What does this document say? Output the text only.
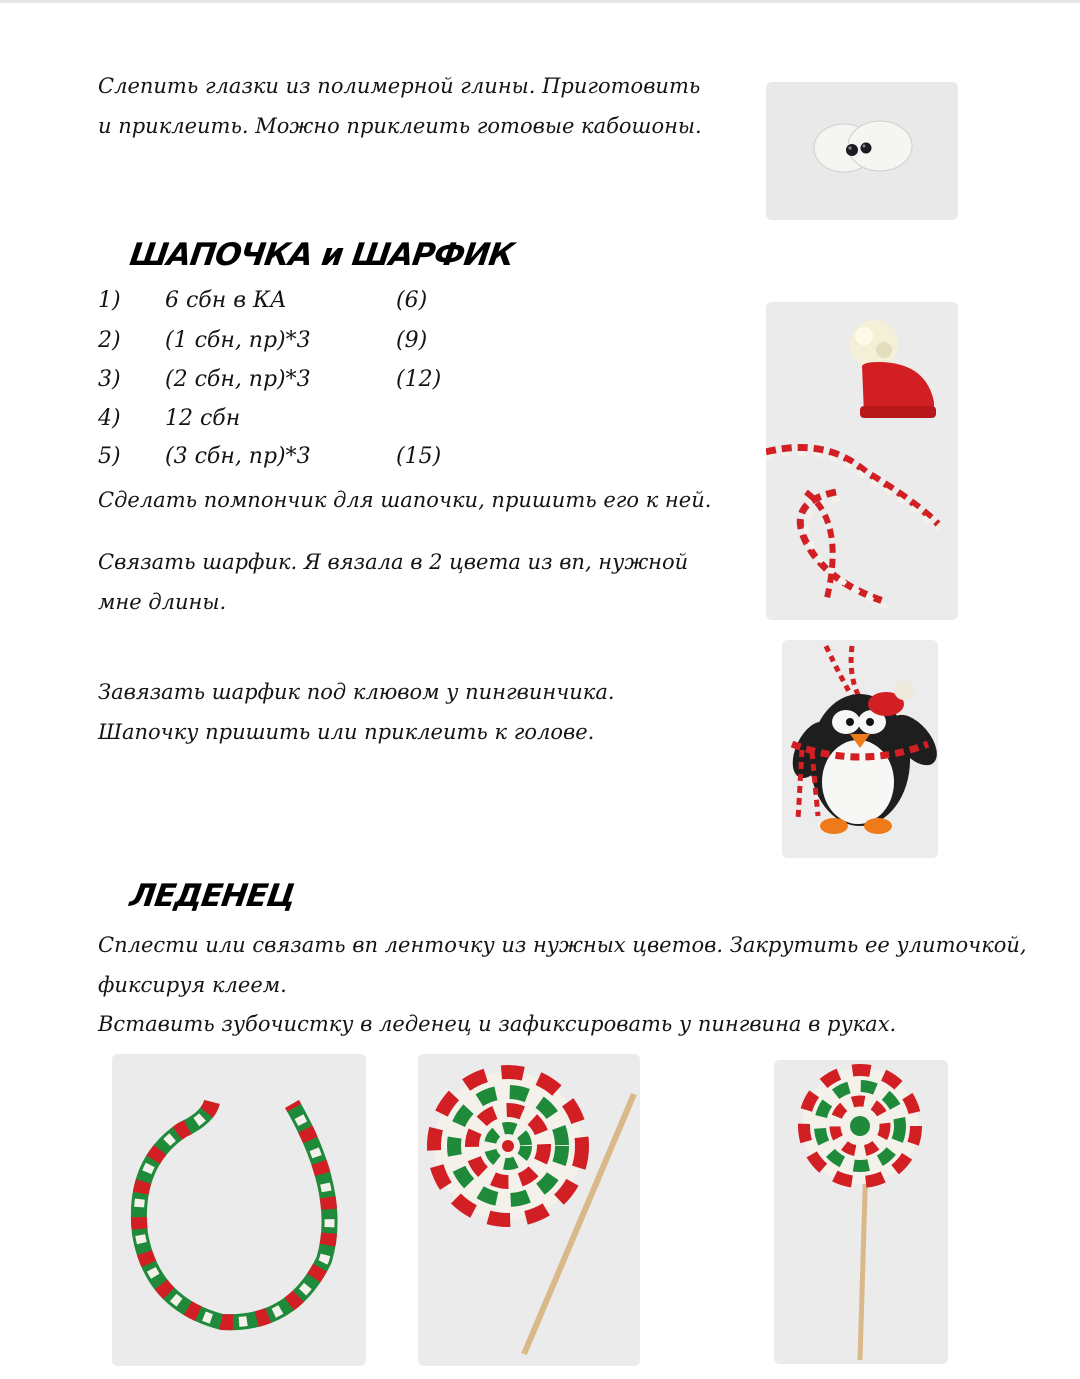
Слепить глазки из полимерной глины. Приготовить
и приклеить. Можно приклеить готовые кабошоны.
ШАПОЧКА и ШАРФИК
1) 6 сбн в КА	(6)
2) (1 сбн, пр)*3	(9)
3) (2 сбн, пр)*3	(12)
4) 12 сбн
5) (3 сбн, пр)*3	(15)
Сделать помпончик для шапочки, пришить его к ней.
Связать шарфик. Я вязала в 2 цвета из вп, нужной
мне длины.
Завязать шарфик под клювом у пингвинчика.
Шапочку пришить или приклеить к голове.
ЛЕДЕНЕЦ
Сплести или связать вп ленточку из нужных цветов. Закрутить ее улиточкой,
фиксируя клеем.
Вставить зубочистку в леденец и зафиксировать у пингвина в руках.
